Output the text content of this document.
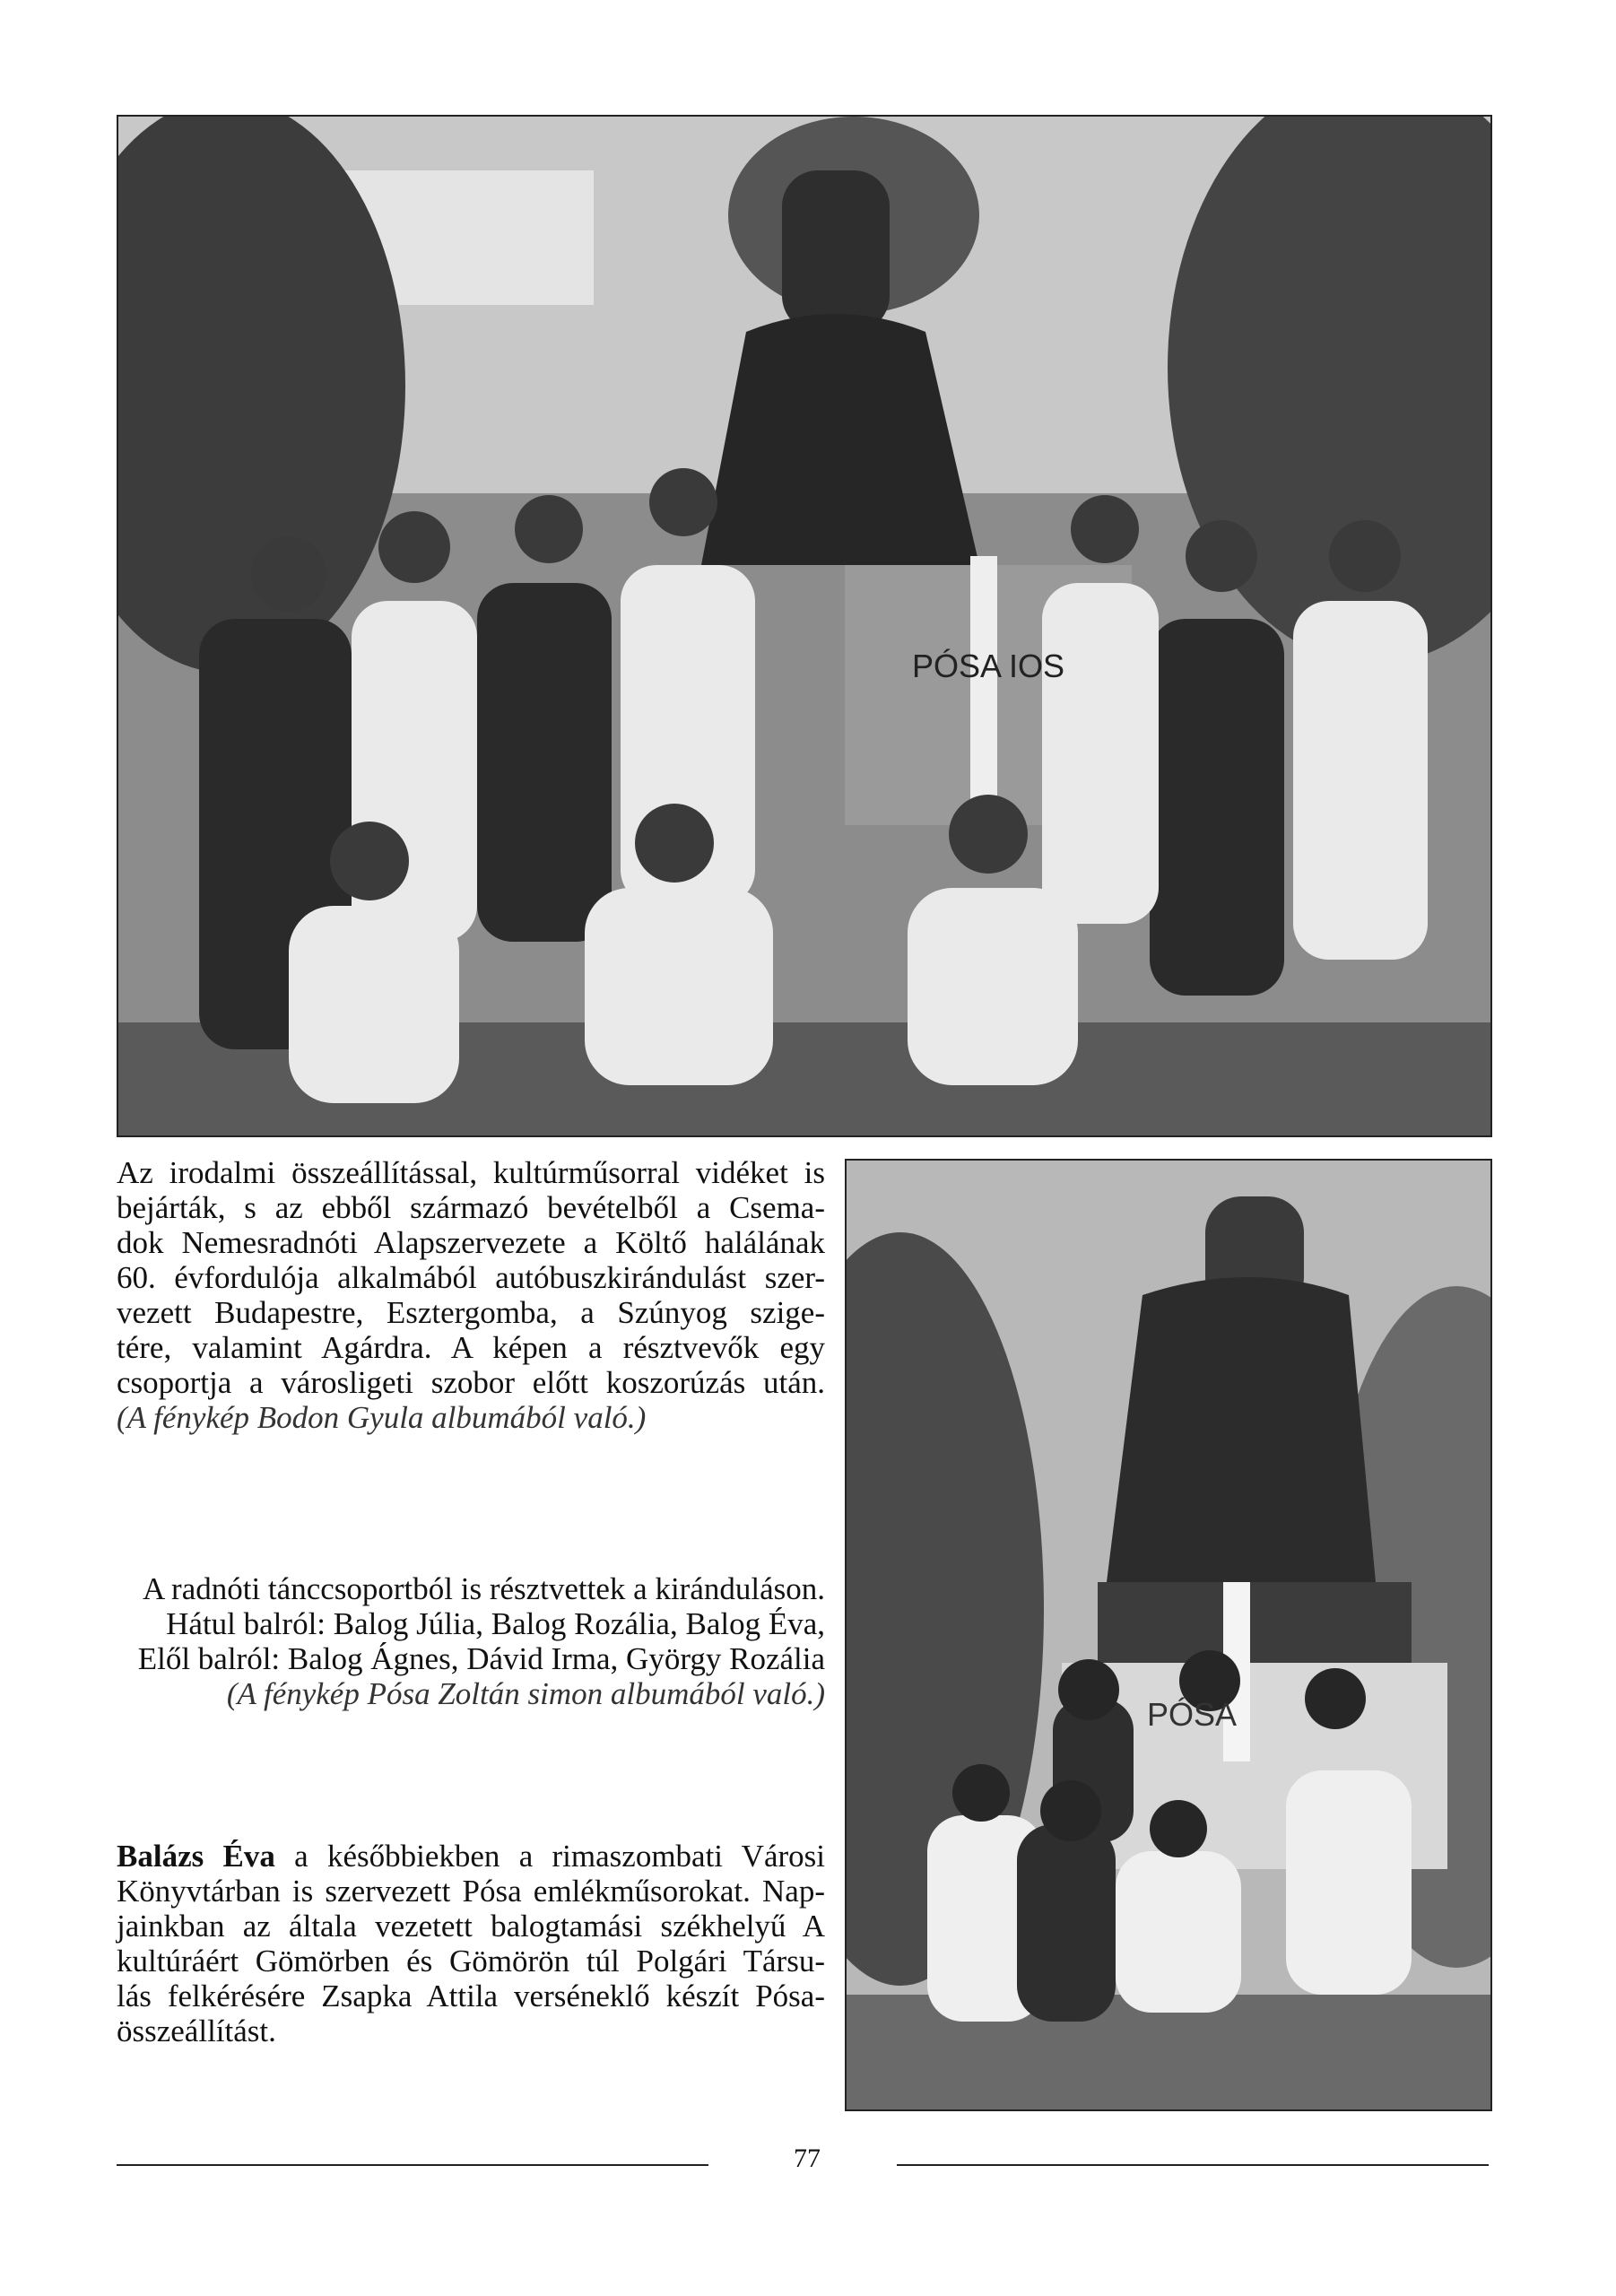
PÓSA IOS
PÓSA

Az irodalmi összeállítással, kultúrműsorral vidéket is

bejárták, s az ebből származó bevételből a Csema-

dok Nemesradnóti Alapszervezete a Költő halálának

60. évfordulója alkalmából autóbuszkirándulást szer-

vezett Budapestre, Esztergomba, a Szúnyog szige-

tére, valamint Agárdra. A képen a résztvevők egy

csoportja a városligeti szobor előtt koszorúzás után.

(A fénykép Bodon Gyula albumából való.)

A radnóti tánccsoportból is résztvettek a kiránduláson.

Hátul balról: Balog Júlia, Balog Rozália, Balog Éva,

Elől balról: Balog Ágnes, Dávid Irma, György Rozália

(A fénykép Pósa Zoltán simon albumából való.)

Balázs Éva a későbbiekben a rimaszombati Városi

Könyvtárban is szervezett Pósa emlékműsorokat. Nap-

jainkban az általa vezetett balogtamási székhelyű A

kultúráért Gömörben és Gömörön túl Polgári Társu-

lás felkérésére Zsapka Attila verséneklő készít Pósa-

összeállítást.

77
